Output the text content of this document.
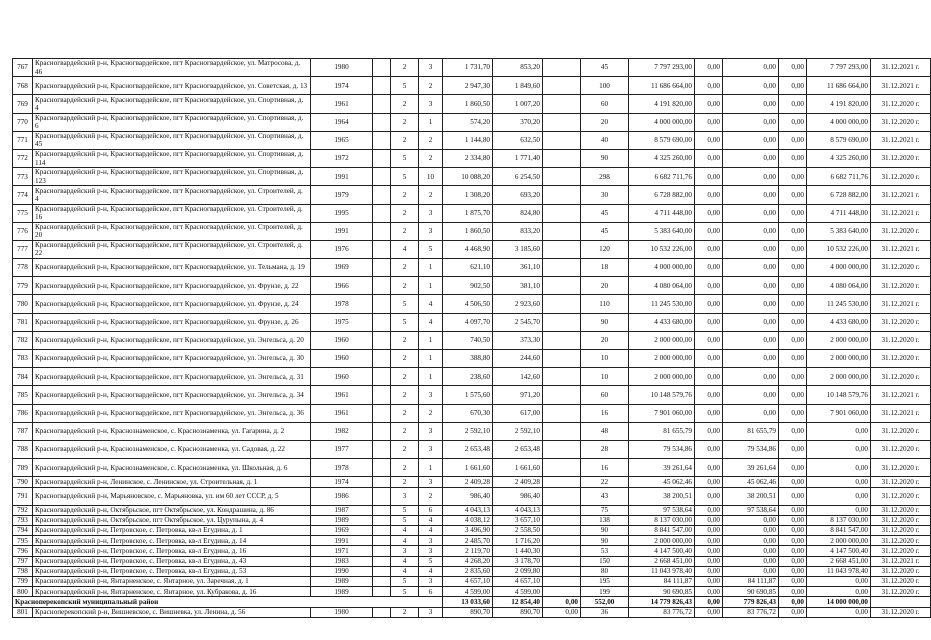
767	Красногвардейский р-н, Красногвардейское, пгт Красногвардейское, ул. Матросова, д. 46	1980		2	3	1 731,70	853,20		45	7 797 293,00	0,00	0,00	0,00	7 797 293,00	31.12.2021 г.
768	Красногвардейский р-н, Красногвардейское, пгт Красногвардейское, ул. Советская, д. 13	1974		5	2	2 947,30	1 849,60		100	11 686 664,00	0,00	0,00	0,00	11 686 664,00	31.12.2021 г.
769	Красногвардейский р-н, Красногвардейское, пгт Красногвардейское, ул. Спортивная, д. 4	1961		2	3	1 860,50	1 007,20		60	4 191 820,00	0,00	0,00	0,00	4 191 820,00	31.12.2020 г.
770	Красногвардейский р-н, Красногвардейское, пгт Красногвардейское, ул. Спортивная, д. 6	1964		2	1	574,20	370,20		20	4 000 000,00	0,00	0,00	0,00	4 000 000,00	31.12.2020 г.
771	Красногвардейский р-н, Красногвардейское, пгт Красногвардейское, ул. Спортивная, д. 45	1965		2	2	1 144,80	632,50		40	8 579 690,00	0,00	0,00	0,00	8 579 690,00	31.12.2021 г.
772	Красногвардейский р-н, Красногвардейское, пгт Красногвардейское, ул. Спортивная, д. 114	1972		5	2	2 334,80	1 771,40		90	4 325 260,00	0,00	0,00	0,00	4 325 260,00	31.12.2020 г.
773	Красногвардейский р-н, Красногвардейское, пгт Красногвардейское, ул. Спортивная, д. 123	1991		5	10	10 088,20	6 254,50		298	6 682 711,76	0,00	0,00	0,00	6 682 711,76	31.12.2020 г.
774	Красногвардейский р-н, Красногвардейское, пгт Красногвардейское, ул. Строителей, д. 4	1979		2	2	1 308,20	693,20		30	6 728 882,00	0,00	0,00	0,00	6 728 882,00	31.12.2021 г.
775	Красногвардейский р-н, Красногвардейское, пгт Красногвардейское, ул. Строителей, д. 16	1995		2	3	1 875,70	824,80		45	4 711 448,00	0,00	0,00	0,00	4 711 448,00	31.12.2021 г.
776	Красногвардейский р-н, Красногвардейское, пгт Красногвардейское, ул. Строителей, д. 20	1991		2	3	1 860,50	833,20		45	5 383 640,00	0,00	0,00	0,00	5 383 640,00	31.12.2020 г.
777	Красногвардейский р-н, Красногвардейское, пгт Красногвардейское, ул. Строителей, д. 22	1976		4	5	4 468,90	3 185,60		120	10 532 226,00	0,00	0,00	0,00	10 532 226,00	31.12.2021 г.
778	Красногвардейский р-н, Красногвардейское, пгт Красногвардейское, ул. Тельмана, д. 19	1969		2	1	621,10	361,10		18	4 000 000,00	0,00	0,00	0,00	4 000 000,00	31.12.2020 г.
779	Красногвардейский р-н, Красногвардейское, пгт Красногвардейское, ул. Фрунзе, д. 22	1966		2	1	902,50	381,10		20	4 080 064,00	0,00	0,00	0,00	4 080 064,00	31.12.2020 г.
780	Красногвардейский р-н, Красногвардейское, пгт Красногвардейское, ул. Фрунзе, д. 24	1978		5	4	4 506,50	2 923,60		110	11 245 530,00	0,00	0,00	0,00	11 245 530,00	31.12.2021 г.
781	Красногвардейский р-н, Красногвардейское, пгт Красногвардейское, ул. Фрунзе, д. 26	1975		5	4	4 097,70	2 545,70		90	4 433 680,00	0,00	0,00	0,00	4 433 680,00	31.12.2020 г.
782	Красногвардейский р-н, Красногвардейское, пгт Красногвардейское, ул. Энгельса, д. 20	1960		2	1	740,50	373,30		20	2 000 000,00	0,00	0,00	0,00	2 000 000,00	31.12.2020 г.
783	Красногвардейский р-н, Красногвардейское, пгт Красногвардейское, ул. Энгельса, д. 30	1960		2	1	388,80	244,60		10	2 000 000,00	0,00	0,00	0,00	2 000 000,00	31.12.2020 г.
784	Красногвардейский р-н, Красногвардейское, пгт Красногвардейское, ул. Энгельса, д. 31	1960		2	1	238,60	142,60		10	2 000 000,00	0,00	0,00	0,00	2 000 000,00	31.12.2020 г.
785	Красногвардейский р-н, Красногвардейское, пгт Красногвардейское, ул. Энгельса, д. 34	1961		2	3	1 575,60	971,20		60	10 148 579,76	0,00	0,00	0,00	10 148 579,76	31.12.2021 г.
786	Красногвардейский р-н, Красногвардейское, пгт Красногвардейское, ул. Энгельса, д. 36	1961		2	2	670,30	617,00		16	7 901 060,00	0,00	0,00	0,00	7 901 060,00	31.12.2021 г.
787	Красногвардейский р-н, Краснознаменское, с. Краснознаменка, ул. Гагарина, д. 2	1982		2	3	2 592,10	2 592,10		48	81 655,79	0,00	81 655,79	0,00	0,00	31.12.2020 г.
788	Красногвардейский р-н, Краснознаменское, с. Краснознаменка, ул. Садовая, д. 22	1977		2	3	2 653,48	2 653,48		28	79 534,86	0,00	79 534,86	0,00	0,00	31.12.2020 г.
789	Красногвардейский р-н, Краснознаменское, с. Краснознаменка, ул. Школьная, д. 6	1978		2	1	1 661,60	1 661,60		16	39 261,64	0,00	39 261,64	0,00	0,00	31.12.2020 г.
790	Красногвардейский р-н, Ленинское, с. Ленинское, ул. Строительная, д. 1	1974		2	3	2 409,28	2 409,28		22	45 062,46	0,00	45 062,46	0,00	0,00	31.12.2020 г.
791	Красногвардейский р-н, Марьяновское, с. Марьяновка, ул. им 60 лет СССР, д. 5	1986		3	2	986,40	986,40		43	38 200,51	0,00	38 200,51	0,00	0,00	31.12.2020 г.
792	Красногвардейский р-н, Октябрьское, пгт Октябрьское, ул. Кондрашина, д. 86	1987		5	6	4 043,13	4 043,13		75	97 538,64	0,00	97 538,64	0,00	0,00	31.12.2020 г.
793	Красногвардейский р-н, Октябрьское, пгт Октябрьское, ул. Цурупына, д. 4	1989		5	4	4 038,12	3 657,10		138	8 137 030,00	0,00	0,00	0,00	8 137 030,00	31.12.2020 г.
794	Красногвардейский р-н, Петровское, с. Петровка, кв-л Егудина, д. 1	1969		4	4	3 496,90	2 558,50		90	8 841 547,00	0,00	0,00	0,00	8 841 547,00	31.12.2020 г.
795	Красногвардейский р-н, Петровское, с. Петровка, кв-л Егудина, д. 14	1991		4	3	2 485,70	1 716,20		90	2 000 000,00	0,00	0,00	0,00	2 000 000,00	31.12.2020 г.
796	Красногвардейский р-н, Петровское, с. Петровка, кв-л Егудина, д. 16	1971		3	3	2 119,70	1 440,30		53	4 147 500,40	0,00	0,00	0,00	4 147 500,40	31.12.2020 г.
797	Красногвардейский р-н, Петровское, с. Петровка, кв-л Егудина, д. 43	1983		4	5	4 268,20	3 178,70		150	2 668 451,00	0,00	0,00	0,00	2 668 451,00	31.12.2021 г.
798	Красногвардейский р-н, Петровское, с. Петровка, кв-л Егудина, д. 53	1990		4	4	2 835,60	2 099,80		80	11 043 978,40	0,00	0,00	0,00	11 043 978,40	31.12.2020 г.
799	Красногвардейский р-н, Янтарненское, с. Янтарное, ул. Заречная, д. 1	1989		5	3	4 657,10	4 657,10		195	84 111,87	0,00	84 111,87	0,00	0,00	31.12.2020 г.
800	Красногвардейский р-н, Янтарненское, с. Янтарное, ул. Кубракова, д. 16	1989		5	6	4 599,00	4 599,00		199	90 690,85	0,00	90 690,85	0,00	0,00	31.12.2020 г.
Красноперекопский муниципальный район						13 033,60	12 854,40	0,00	552,00	14 779 826,43	0,00	779 826,43	0,00	14 000 000,00	
801	Красноперекопский р-н, Вишневское, с. Вишневка, ул. Ленина, д. 56	1980		2	3	890,70	890,70	0,00	36	83 776,72	0,00	83 776,72	0,00	0,00	31.12.2020 г.
